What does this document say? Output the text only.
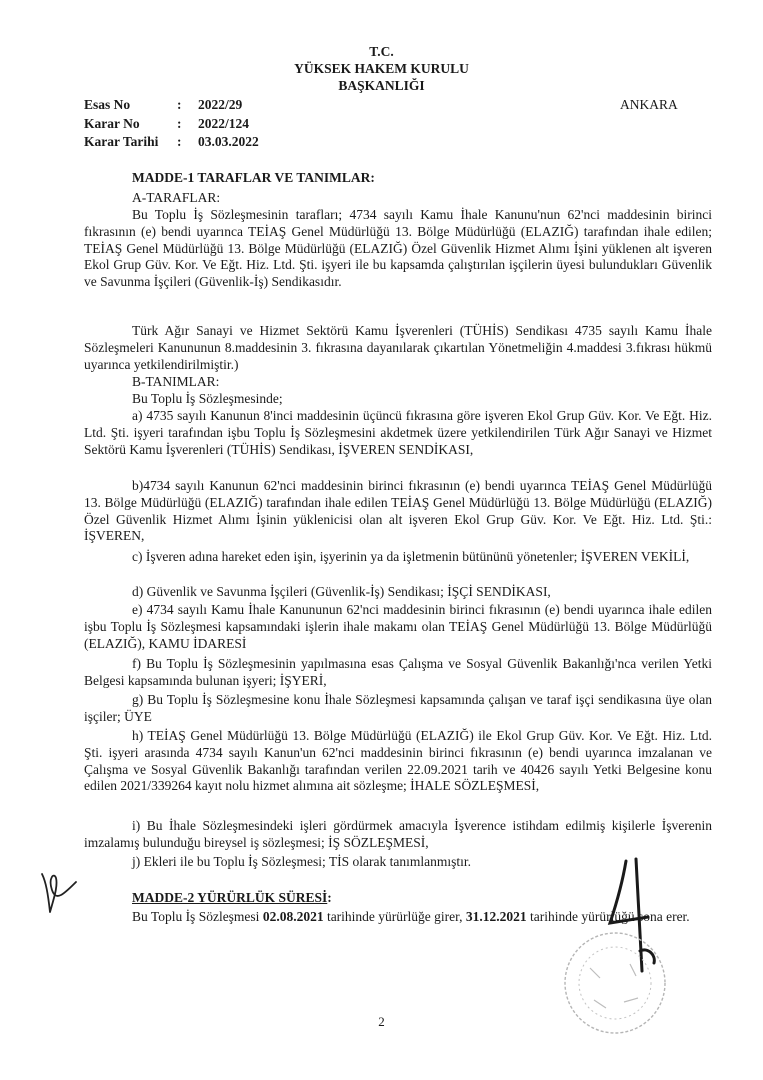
T.C.
YÜKSEK HAKEM KURULU
BAŞKANLIĞI
Esas No	: 2022/29
Karar No	: 2022/124
Karar Tarihi : 03.03.2022
ANKARA
MADDE-1 TARAFLAR VE TANIMLAR:
A-TARAFLAR:
Bu Toplu İş Sözleşmesinin tarafları; 4734 sayılı Kamu İhale Kanunu'nun 62'nci maddesinin birinci fıkrasının (e) bendi uyarınca TEİAŞ Genel Müdürlüğü 13. Bölge Müdürlüğü (ELAZIĞ) tarafından ihale edilen; TEİAŞ Genel Müdürlüğü 13. Bölge Müdürlüğü (ELAZIĞ) Özel Güvenlik Hizmet Alımı İşini yüklenen alt işveren Ekol Grup Güv. Kor. Ve Eğt. Hiz. Ltd. Şti. işyeri ile bu kapsamda çalıştırılan işçilerin üyesi bulundukları Güvenlik ve Savunma İşçileri (Güvenlik-İş) Sendikasıdır.
Türk Ağır Sanayi ve Hizmet Sektörü Kamu İşverenleri (TÜHİS) Sendikası 4735 sayılı Kamu İhale Sözleşmeleri Kanununun 8.maddesinin 3. fıkrasına dayanılarak çıkartılan Yönetmeliğin 4.maddesi 3.fıkrası hükmü uyarınca yetkilendirilmiştir.)
B-TANIMLAR:
Bu Toplu İş Sözleşmesinde;
a) 4735 sayılı Kanunun 8'inci maddesinin üçüncü fıkrasına göre işveren Ekol Grup Güv. Kor. Ve Eğt. Hiz. Ltd. Şti. işyeri tarafından işbu Toplu İş Sözleşmesini akdetmek üzere yetkilendirilen Türk Ağır Sanayi ve Hizmet Sektörü Kamu İşverenleri (TÜHİS) Sendikası, İŞVEREN SENDİKASI,
b)4734 sayılı Kanunun 62'nci maddesinin birinci fıkrasının (e) bendi uyarınca TEİAŞ Genel Müdürlüğü 13. Bölge Müdürlüğü (ELAZIĞ) tarafından ihale edilen TEİAŞ Genel Müdürlüğü 13. Bölge Müdürlüğü (ELAZIĞ) Özel Güvenlik Hizmet Alımı İşinin yüklenicisi olan alt işveren Ekol Grup Güv. Kor. Ve Eğt. Hiz. Ltd. Şti.: İŞVEREN,
c) İşveren adına hareket eden işin, işyerinin ya da işletmenin bütününü yönetenler; İŞVEREN VEKİLİ,
d) Güvenlik ve Savunma İşçileri (Güvenlik-İş) Sendikası; İŞÇİ SENDİKASI,
e) 4734 sayılı Kamu İhale Kanununun 62'nci maddesinin birinci fıkrasının (e) bendi uyarınca ihale edilen işbu Toplu İş Sözleşmesi kapsamındaki işlerin ihale makamı olan TEİAŞ Genel Müdürlüğü 13. Bölge Müdürlüğü (ELAZIĞ), KAMU İDARESİ
f) Bu Toplu İş Sözleşmesinin yapılmasına esas Çalışma ve Sosyal Güvenlik Bakanlığı'nca verilen Yetki Belgesi kapsamında bulunan işyeri; İŞYERİ,
g) Bu Toplu İş Sözleşmesine konu İhale Sözleşmesi kapsamında çalışan ve taraf işçi sendikasına üye olan işçiler; ÜYE
h) TEİAŞ Genel Müdürlüğü 13. Bölge Müdürlüğü (ELAZIĞ) ile Ekol Grup Güv. Kor. Ve Eğt. Hiz. Ltd. Şti. işyeri arasında 4734 sayılı Kanun'un 62'nci maddesinin birinci fıkrasının (e) bendi uyarınca imzalanan ve Çalışma ve Sosyal Güvenlik Bakanlığı tarafından verilen 22.09.2021 tarih ve 40426 sayılı Yetki Belgesine konu edilen 2021/339264 kayıt nolu hizmet alımına ait sözleşme; İHALE SÖZLEŞMESİ,
i) Bu İhale Sözleşmesindeki işleri gördürmek amacıyla İşverence istihdam edilmiş kişilerle İşverenin imzalamış bulunduğu bireysel iş sözleşmesi; İŞ SÖZLEŞMESİ,
j) Ekleri ile bu Toplu İş Sözleşmesi; TİS olarak tanımlanmıştır.
MADDE-2 YÜRÜRLÜK SÜRESİ:
Bu Toplu İş Sözleşmesi 02.08.2021 tarihinde yürürlüğe girer, 31.12.2021 tarihinde yürürlüğü sona erer.
2
